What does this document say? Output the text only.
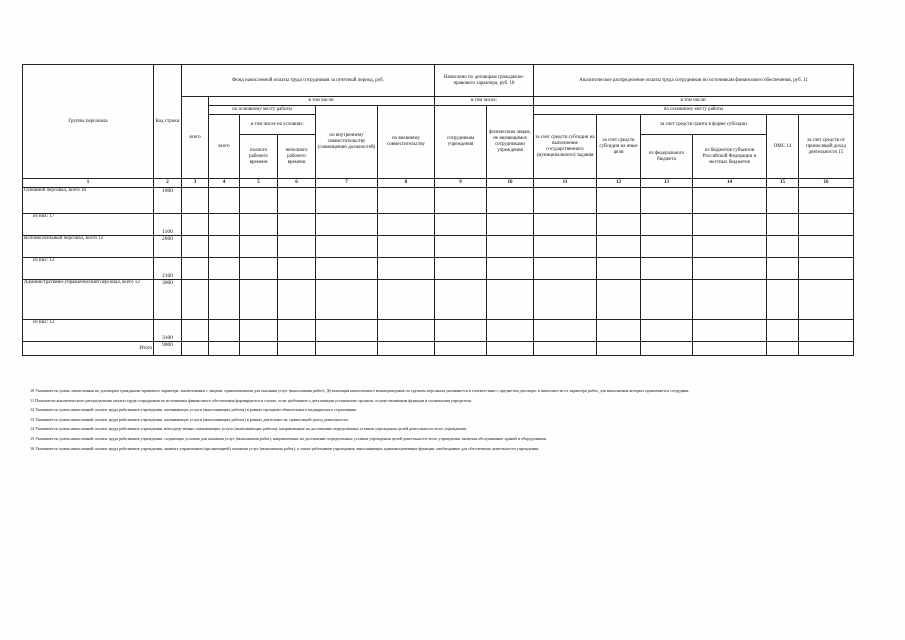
Группы персонала	Код строки	Фонд начисленной оплаты труда сотрудников за отчетный период, руб.						Начислено по договорам гражданско-правового характера, руб. 18		Аналитическое распределение оплаты труда сотрудников по источникам финансового обеспечения, руб. 11					
		всего	в том числе:					в том числе:		в том числе:					
			по основному месту работы			по внутреннему совместительству (совмещению должностей)	по внешнему совместительству	сотрудникам учреждения	физическим лицам, не являющимся сотрудниками учреждения	по основному месту работы					
			всего	в том числе на условиях:						за счет средств субсидии на выполнение государственного (муниципального) задания	за счет средств субсидии на иные цели	за счет средств гранта в форме субсидии		ОМС 14	за счет средств от приносящей доход деятельности 15
				полного рабочего времени	неполного рабочего времени							из федерального бюджета	из бюджетов субъектов Российской Федерации и местных бюджетов		
1	2	3	4	5	6	7	8	9	10	11	12	13	14	15	16
Основной персонал, всего 16	1000														
из них: 17	1100														
Вспомогательный персонал, всего 12	2000														
из них: 12	2100														
Административно-управленческий персонал, всего 12	3000														
из них: 12	3100														
Итого	9000														
10 Указывается сумма, начисленная по договорам гражданско-правового характера, заключенным с лицами, привлекаемыми для оказания услуг (выполнения работ). Детализация начисленного вознаграждения по группам персонала указывается в соответствии с предметом договора, в зависимости от характера работ, для выполнения которых привлекается сотрудник.
11 Показатели аналитического распределения оплаты труда сотрудников по источникам финансового обеспечения формируются в случае, если требование о детализации установлено органом, осуществляющим функции и полномочия учредителя.
12 Указывается сумма начисленной оплаты труда работников учреждения, оказывающих услуги (выполняющих работы) в рамках программ обязательного медицинского страхования.
13 Указывается сумма начисленной оплаты труда работников учреждения, оказывающих услуги (выполняющих работы) в рамках деятельности, приносящей доход деятельности.
14 Указывается сумма начисленной оплаты труда работников учреждения, непосредственно оказывающих услуги (выполняющих работы), направленные на достижение определенных уставом учреждения целей деятельности этого учреждения.
15 Указывается сумма начисленной оплаты труда работников учреждения, создающих условия для оказания услуг (выполнения работ), направленных на достижение определенных уставом учреждения целей деятельности этого учреждения, включая обслуживание зданий и оборудования.
16 Указывается сумма начисленной оплаты труда работников учреждения, занятых управлением (организацией) оказания услуг (выполнения работ), а также работников учреждения, выполняющих административные функции, необходимые для обеспечения деятельности учреждения.
